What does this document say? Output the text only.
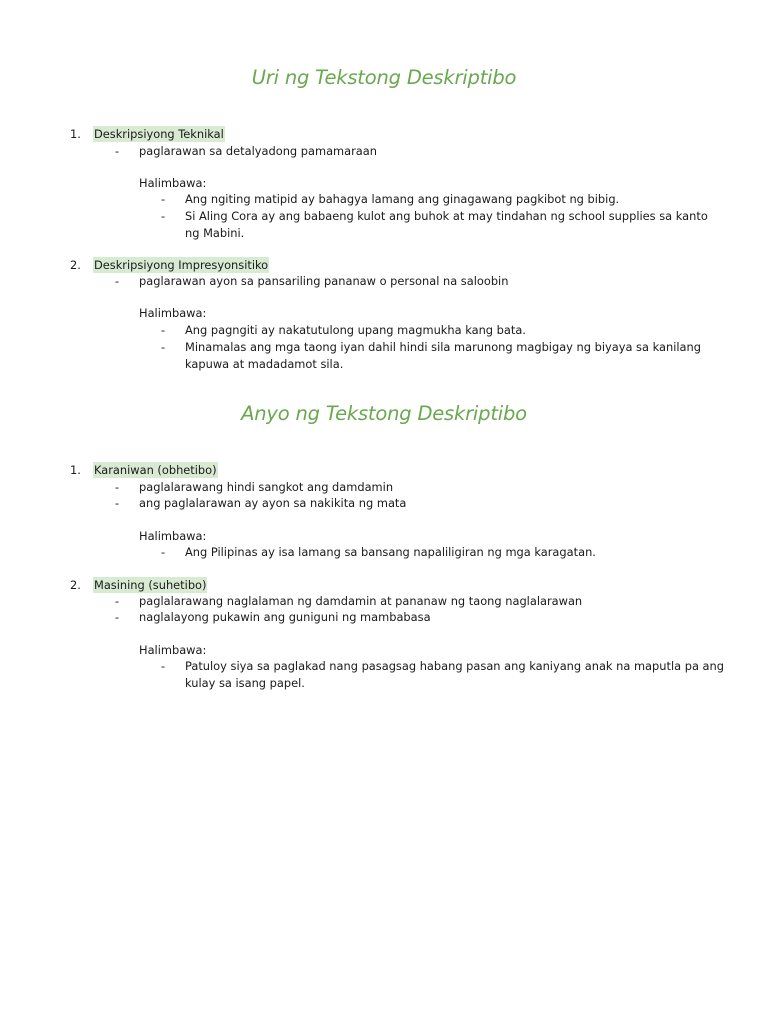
Uri ng Tekstong Deskriptibo
1. Deskripsiyong Teknikal
- paglarawan sa detalyadong pamamaraan
Halimbawa:
- Ang ngiting matipid ay bahagya lamang ang ginagawang pagkibot ng bibig.
- Si Aling Cora ay ang babaeng kulot ang buhok at may tindahan ng school supplies sa kanto ng Mabini.
2. Deskripsiyong Impresyonsitiko
- paglarawan ayon sa pansariling pananaw o personal na saloobin
Halimbawa:
- Ang pagngiti ay nakatutulong upang magmukha kang bata.
- Minamalas ang mga taong iyan dahil hindi sila marunong magbigay ng biyaya sa kanilang kapuwa at madadamot sila.
Anyo ng Tekstong Deskriptibo
1. Karaniwan (obhetibo)
- paglalarawang hindi sangkot ang damdamin
- ang paglalarawan ay ayon sa nakikita ng mata
Halimbawa:
- Ang Pilipinas ay isa lamang sa bansang napaliligiran ng mga karagatan.
2. Masining (suhetibo)
- paglalarawang naglalaman ng damdamin at pananaw ng taong naglalarawan
- naglalayong pukawin ang guniguni ng mambabasa
Halimbawa:
- Patuloy siya sa paglakad nang pasagsag habang pasan ang kaniyang anak na maputla pa ang kulay sa isang papel.
